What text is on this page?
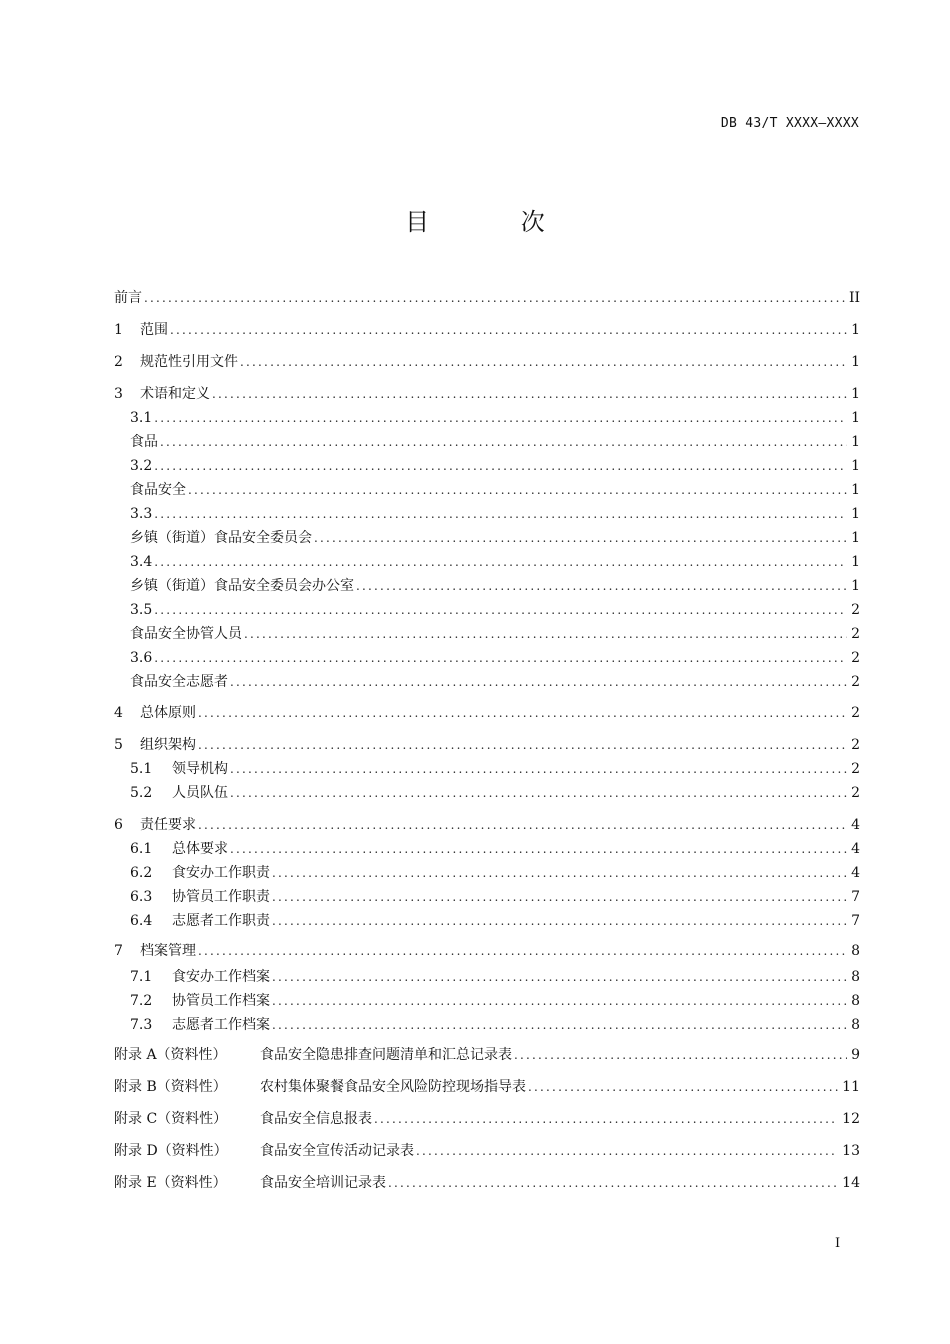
DB 43/T XXXX—XXXX
目 次
前言 .....	II
1	范围 .....	1
2	规范性引用文件 .....	1
3	术语和定义 .....	1
3.1 .....	1
食品 .....	1
3.2 .....	1
食品安全 .....	1
3.3 .....	1
乡镇（街道）食品安全委员会 .....	1
3.4 .....	1
乡镇（街道）食品安全委员会办公室 .....	1
3.5 .....	2
食品安全协管人员 .....	2
3.6 .....	2
食品安全志愿者 .....	2
4	总体原则 .....	2
5	组织架构 .....	2
5.1	领导机构 .....	2
5.2	人员队伍 .....	2
6	责任要求 .....	4
6.1	总体要求 .....	4
6.2	食安办工作职责 .....	4
6.3	协管员工作职责 .....	7
6.4	志愿者工作职责 .....	7
7	档案管理 .....	8
7.1	食安办工作档案 .....	8
7.2	协管员工作档案 .....	8
7.3	志愿者工作档案 .....	8
附录 A（资料性）	食品安全隐患排查问题清单和汇总记录表 .....	9
附录 B（资料性）	农村集体聚餐食品安全风险防控现场指导表 .....	11
附录 C（资料性）	食品安全信息报表 .....	12
附录 D（资料性）	食品安全宣传活动记录表 .....	13
附录 E（资料性）	食品安全培训记录表 .....	14
I
